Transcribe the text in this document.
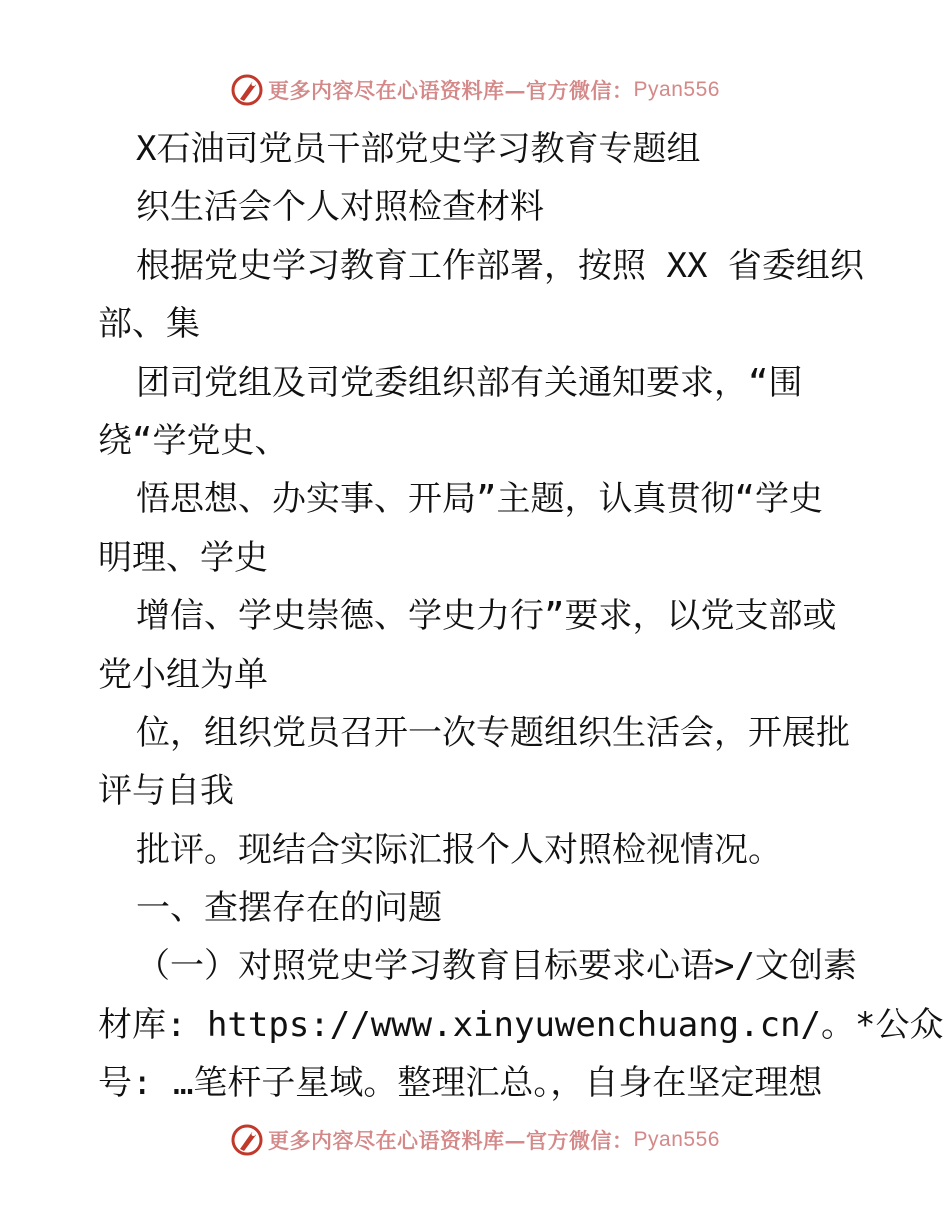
更多内容尽在心语资料库—官方微信： Pyan556
X石油司党员干部党史学习教育专题组
织生活会个人对照检查材料
根据党史学习教育工作部署，按照 XX 省委组织
部、集
团司党组及司党委组织部有关通知要求，“围
绕“学党史、
悟思想、办实事、开局”主题，认真贯彻“学史
明理、学史
增信、学史崇德、学史力行”要求，以党支部或
党小组为单
位，组织党员召开一次专题组织生活会，开展批
评与自我
批评。现结合实际汇报个人对照检视情况。
一、查摆存在的问题
（一）对照党史学习教育目标要求心语>/文创素
材库: https://www.xinyuwenchuang.cn/。*公众
号: …笔杆子星域。整理汇总。，自身在坚定理想
更多内容尽在心语资料库—官方微信： Pyan556
